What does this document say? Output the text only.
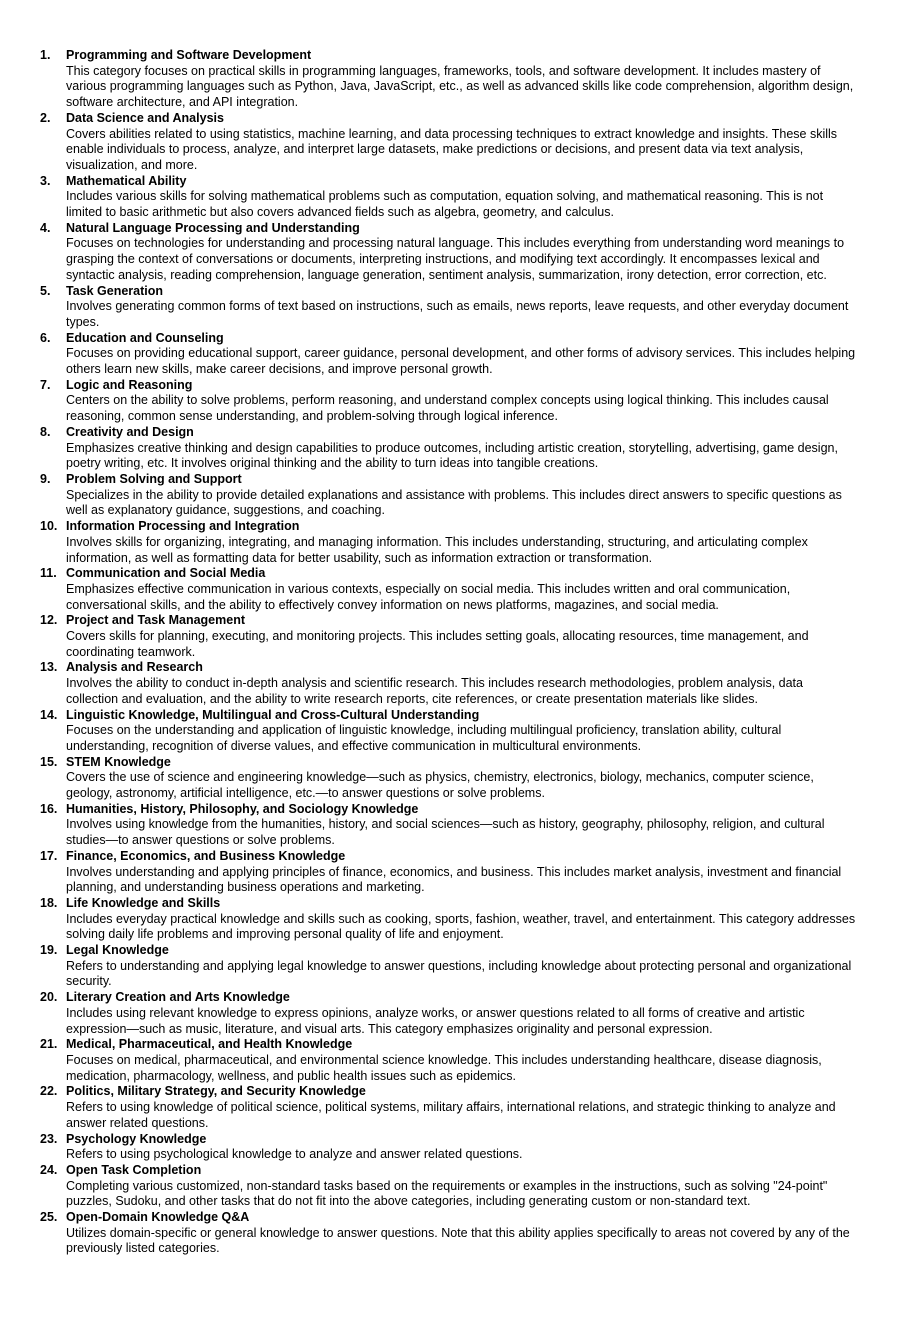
1. Programming and Software Development
This category focuses on practical skills in programming languages, frameworks, tools, and software development. It includes mastery of various programming languages such as Python, Java, JavaScript, etc., as well as advanced skills like code comprehension, algorithm design, software architecture, and API integration.
2. Data Science and Analysis
Covers abilities related to using statistics, machine learning, and data processing techniques to extract knowledge and insights. These skills enable individuals to process, analyze, and interpret large datasets, make predictions or decisions, and present data via text analysis, visualization, and more.
3. Mathematical Ability
Includes various skills for solving mathematical problems such as computation, equation solving, and mathematical reasoning. This is not limited to basic arithmetic but also covers advanced fields such as algebra, geometry, and calculus.
4. Natural Language Processing and Understanding
Focuses on technologies for understanding and processing natural language. This includes everything from understanding word meanings to grasping the context of conversations or documents, interpreting instructions, and modifying text accordingly. It encompasses lexical and syntactic analysis, reading comprehension, language generation, sentiment analysis, summarization, irony detection, error correction, etc.
5. Task Generation
Involves generating common forms of text based on instructions, such as emails, news reports, leave requests, and other everyday document types.
6. Education and Counseling
Focuses on providing educational support, career guidance, personal development, and other forms of advisory services. This includes helping others learn new skills, make career decisions, and improve personal growth.
7. Logic and Reasoning
Centers on the ability to solve problems, perform reasoning, and understand complex concepts using logical thinking. This includes causal reasoning, common sense understanding, and problem-solving through logical inference.
8. Creativity and Design
Emphasizes creative thinking and design capabilities to produce outcomes, including artistic creation, storytelling, advertising, game design, poetry writing, etc. It involves original thinking and the ability to turn ideas into tangible creations.
9. Problem Solving and Support
Specializes in the ability to provide detailed explanations and assistance with problems. This includes direct answers to specific questions as well as explanatory guidance, suggestions, and coaching.
10. Information Processing and Integration
Involves skills for organizing, integrating, and managing information. This includes understanding, structuring, and articulating complex information, as well as formatting data for better usability, such as information extraction or transformation.
11. Communication and Social Media
Emphasizes effective communication in various contexts, especially on social media. This includes written and oral communication, conversational skills, and the ability to effectively convey information on news platforms, magazines, and social media.
12. Project and Task Management
Covers skills for planning, executing, and monitoring projects. This includes setting goals, allocating resources, time management, and coordinating teamwork.
13. Analysis and Research
Involves the ability to conduct in-depth analysis and scientific research. This includes research methodologies, problem analysis, data collection and evaluation, and the ability to write research reports, cite references, or create presentation materials like slides.
14. Linguistic Knowledge, Multilingual and Cross-Cultural Understanding
Focuses on the understanding and application of linguistic knowledge, including multilingual proficiency, translation ability, cultural understanding, recognition of diverse values, and effective communication in multicultural environments.
15. STEM Knowledge
Covers the use of science and engineering knowledge—such as physics, chemistry, electronics, biology, mechanics, computer science, geology, astronomy, artificial intelligence, etc.—to answer questions or solve problems.
16. Humanities, History, Philosophy, and Sociology Knowledge
Involves using knowledge from the humanities, history, and social sciences—such as history, geography, philosophy, religion, and cultural studies—to answer questions or solve problems.
17. Finance, Economics, and Business Knowledge
Involves understanding and applying principles of finance, economics, and business. This includes market analysis, investment and financial planning, and understanding business operations and marketing.
18. Life Knowledge and Skills
Includes everyday practical knowledge and skills such as cooking, sports, fashion, weather, travel, and entertainment. This category addresses solving daily life problems and improving personal quality of life and enjoyment.
19. Legal Knowledge
Refers to understanding and applying legal knowledge to answer questions, including knowledge about protecting personal and organizational security.
20. Literary Creation and Arts Knowledge
Includes using relevant knowledge to express opinions, analyze works, or answer questions related to all forms of creative and artistic expression—such as music, literature, and visual arts. This category emphasizes originality and personal expression.
21. Medical, Pharmaceutical, and Health Knowledge
Focuses on medical, pharmaceutical, and environmental science knowledge. This includes understanding healthcare, disease diagnosis, medication, pharmacology, wellness, and public health issues such as epidemics.
22. Politics, Military Strategy, and Security Knowledge
Refers to using knowledge of political science, political systems, military affairs, international relations, and strategic thinking to analyze and answer related questions.
23. Psychology Knowledge
Refers to using psychological knowledge to analyze and answer related questions.
24. Open Task Completion
Completing various customized, non-standard tasks based on the requirements or examples in the instructions, such as solving "24-point" puzzles, Sudoku, and other tasks that do not fit into the above categories, including generating custom or non-standard text.
25. Open-Domain Knowledge Q&A
Utilizes domain-specific or general knowledge to answer questions. Note that this ability applies specifically to areas not covered by any of the previously listed categories.
